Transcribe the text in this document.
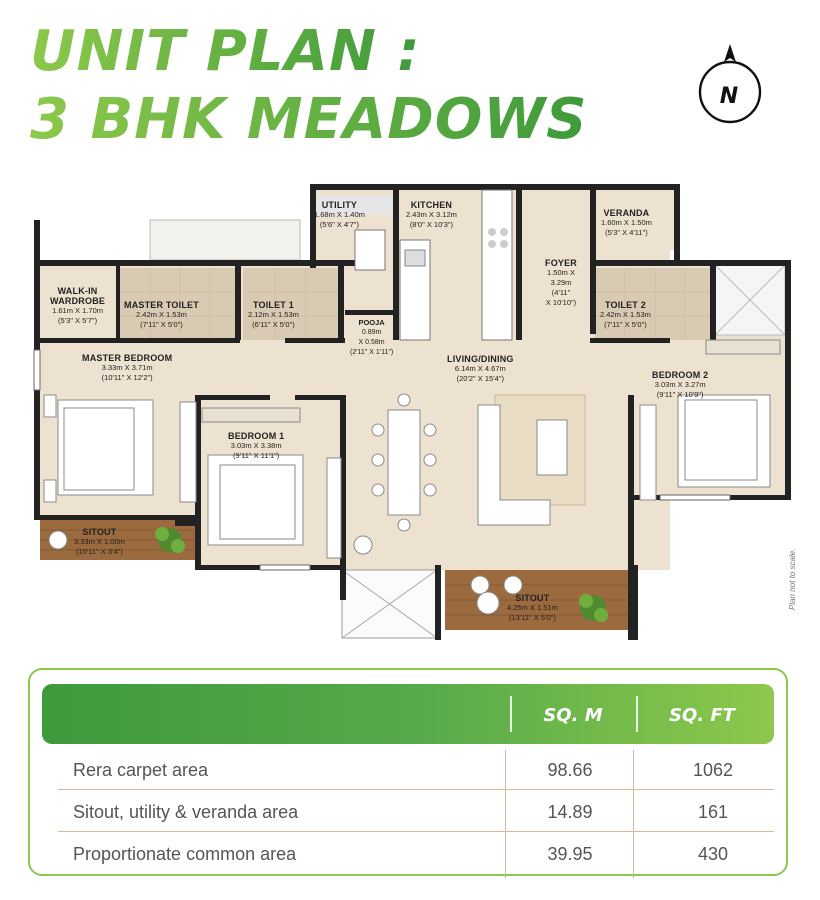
UNIT PLAN :
3 BHK MEADOWS	N
UTILITY
1.68m X 1.40m
(5'6" X 4'7")
KITCHEN
2.43m X 3.12m
(8'0" X 10'3")
VERANDA
1.60m X 1.50m
(5'3" X 4'11")
FOYER
1.50m X
3.29m
(4'11"
X 10'10")
WALK-IN
WARDROBE
1.61m X 1.70m
(5'3" X 5'7")
MASTER TOILET
2.42m X 1.53m
(7'11" X 5'0")
TOILET 1
2.12m X 1.53m
(6'11" X 5'0")
TOILET 2
2.42m X 1.53m
(7'11" X 5'0")
POOJA
0.89m
X 0.58m
(2'11" X 1'11")
MASTER BEDROOM
3.33m X 3.71m
(10'11" X 12'2")
LIVING/DINING
6.14m X 4.67m
(20'2" X 15'4")	BEDROOM 2
3.03m X 3.27m
(9'11" X 10'9")
BEDROOM 1
3.03m X 3.38m
(9'11" X 11'1")
SITOUT
3.33m X 1.00m
(10'11" X 3'4")
SITOUT
4.25m X 1.51m
(13'11" X 5'0")
Plan not to scale.
SQ. M	SQ. FT
Rera carpet area	98.66	1062
Sitout, utility & veranda area	14.89	161
Proportionate common area	39.95	430
